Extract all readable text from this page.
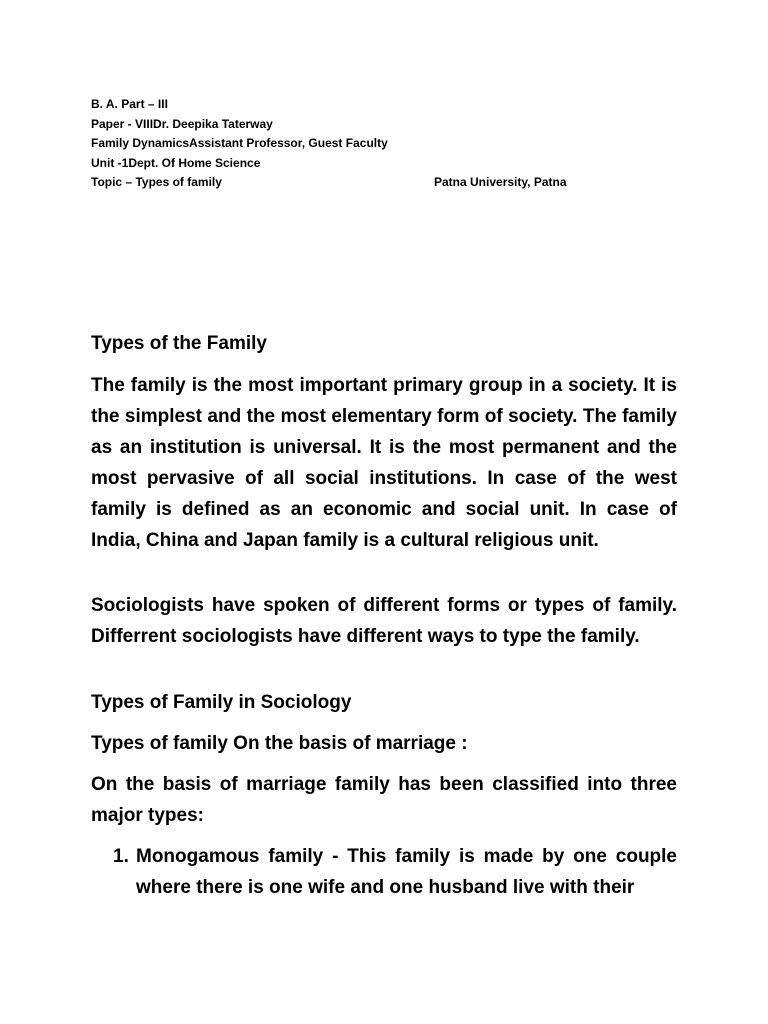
B. A. Part – III
Paper - VIIIDr. Deepika Taterway
Family DynamicsAssistant Professor, Guest Faculty
Unit -1Dept. Of Home Science
Topic – Types of family	Patna University, Patna

Types of the Family

The family is the most important primary group in a society. It is the simplest and the most elementary form of society. The family as an institution is universal. It is the most permanent and the most pervasive of all social institutions. In case of the west family is defined as an economic and social unit. In case of India, China and Japan family is a cultural religious unit.

Sociologists have spoken of different forms or types of family. Differrent sociologists have different ways to type the family.

Types of Family in Sociology

Types of family On the basis of marriage :

On the basis of marriage family has been classified into three major types:

1. Monogamous family - This family is made by one couple where there is one wife and one husband live with their
